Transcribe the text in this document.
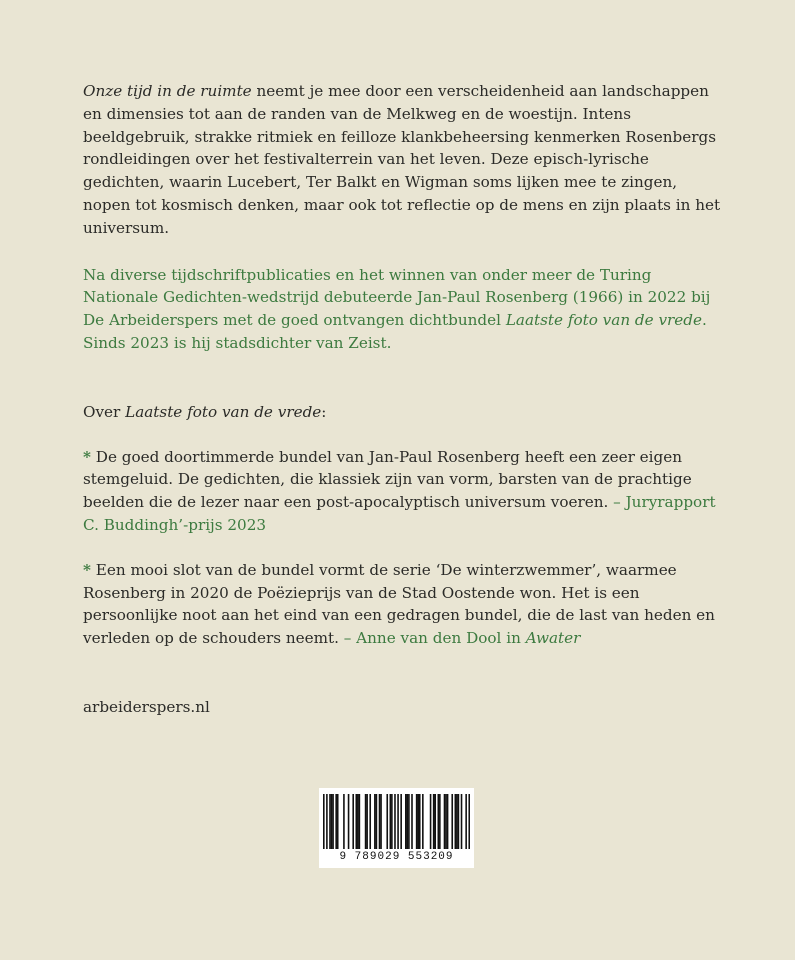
Onze tijd in de ruimte neemt je mee door een verscheidenheid aan landschappen en dimensies tot aan de randen van de Melkweg en de woestijn. Intens beeldgebruik, strakke ritmiek en feilloze klankbeheersing kenmerken Rosenbergs rondleidingen over het festivalterrein van het leven. Deze episch-lyrische gedichten, waarin Lucebert, Ter Balkt en Wigman soms lijken mee te zingen, nopen tot kosmisch denken, maar ook tot reflectie op de mens en zijn plaats in het universum.

Na diverse tijdschriftpublicaties en het winnen van onder meer de Turing Nationale Gedichten-wedstrijd debuteerde Jan-Paul Rosenberg (1966) in 2022 bij De Arbeiderspers met de goed ontvangen dichtbundel Laatste foto van de vrede. Sinds 2023 is hij stadsdichter van Zeist.

Over Laatste foto van de vrede:

* De goed doortimmerde bundel van Jan-Paul Rosenberg heeft een zeer eigen stemgeluid. De gedichten, die klassiek zijn van vorm, barsten van de prachtige beelden die de lezer naar een post-apocalyptisch universum voeren. – Juryrapport C. Buddingh’-prijs 2023

* Een mooi slot van de bundel vormt de serie ‘De winterzwemmer’, waarmee Rosenberg in 2020 de Poëzieprijs van de Stad Oostende won. Het is een persoonlijke noot aan het eind van een gedragen bundel, die de last van heden en verleden op de schouders neemt. – Anne van den Dool in Awater

arbeiderspers.nl

9 789029 553209
